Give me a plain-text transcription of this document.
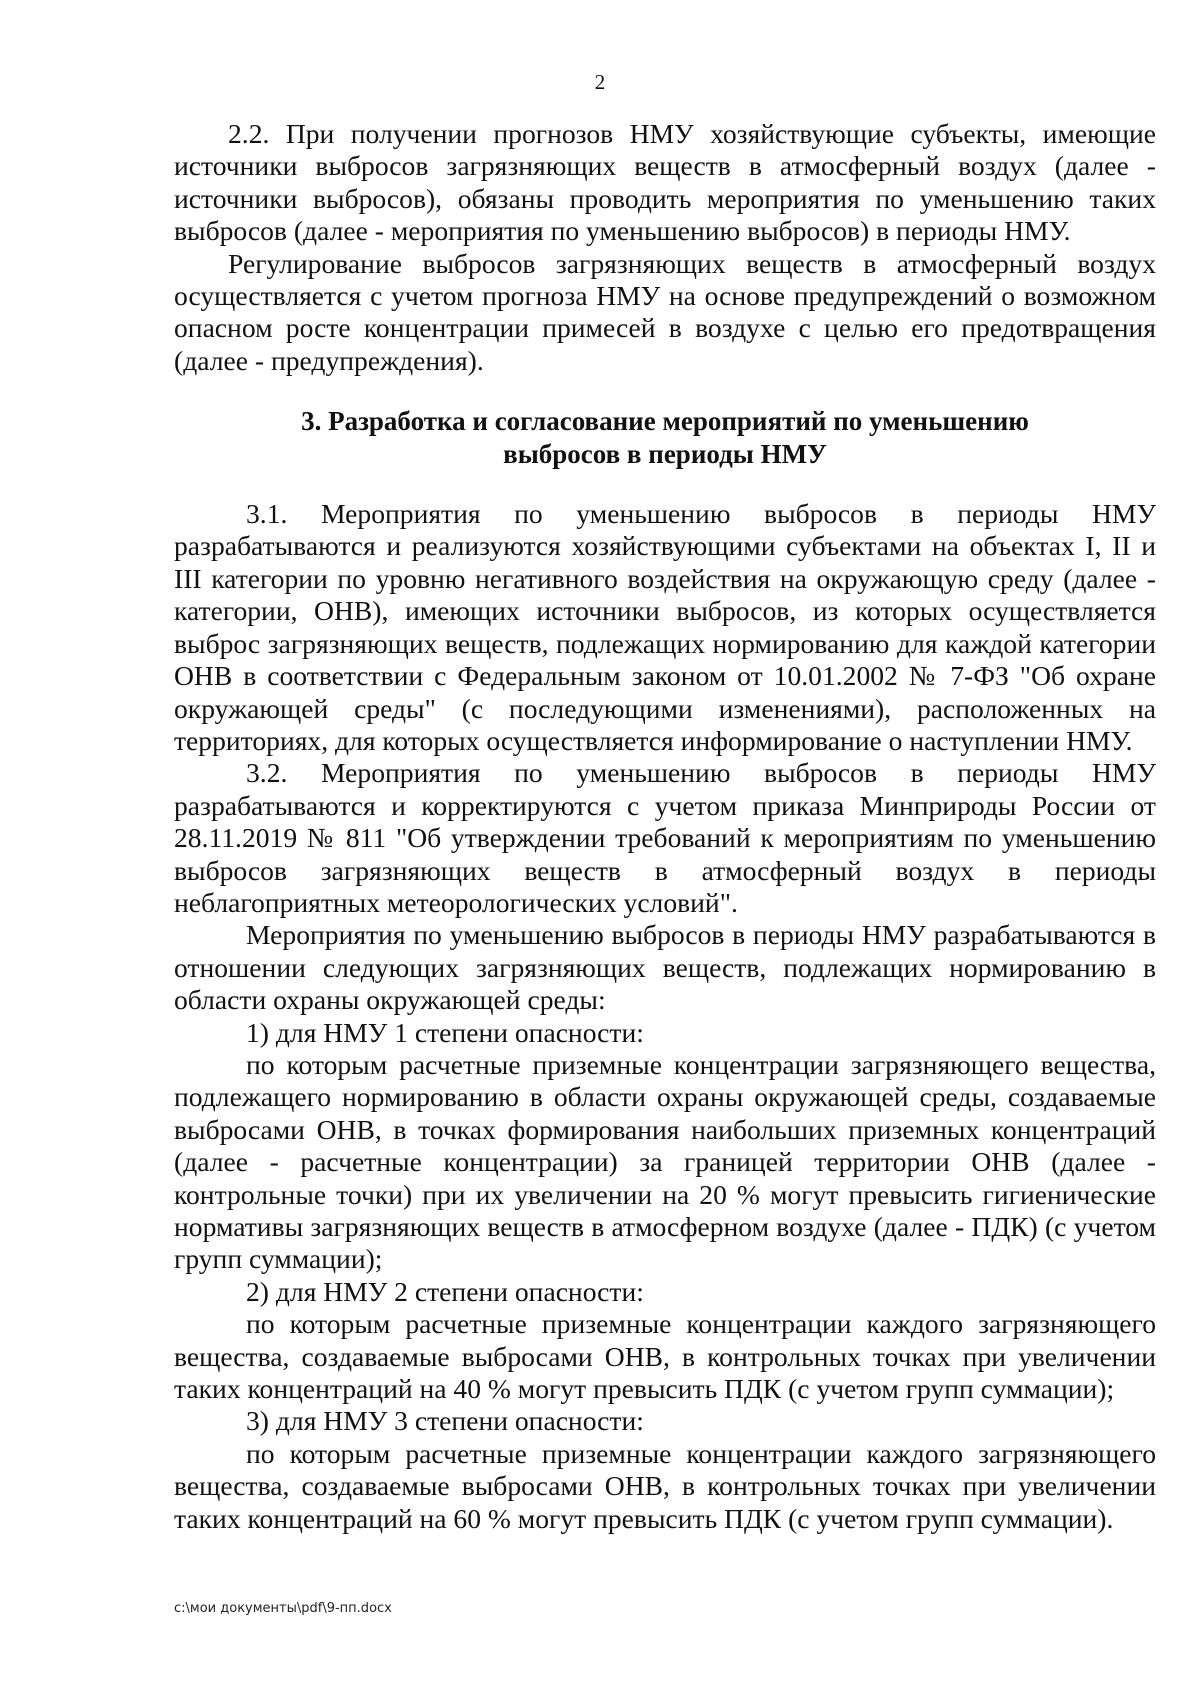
2

2.2. При получении прогнозов НМУ хозяйствующие субъекты, имеющие источники выбросов загрязняющих веществ в атмосферный воздух (далее - источники выбросов), обязаны проводить мероприятия по уменьшению таких выбросов (далее - мероприятия по уменьшению выбросов) в периоды НМУ.

Регулирование выбросов загрязняющих веществ в атмосферный воздух осуществляется с учетом прогноза НМУ на основе предупреждений о возможном опасном росте концентрации примесей в воздухе с целью его предотвращения (далее - предупреждения).

3. Разработка и согласование мероприятий по уменьшению
выбросов в периоды НМУ

3.1. Мероприятия по уменьшению выбросов в периоды НМУ разрабатываются и реализуются хозяйствующими субъектами на объектах I, II и III категории по уровню негативного воздействия на окружающую среду (далее - категории, ОНВ), имеющих источники выбросов, из которых осуществляется выброс загрязняющих веществ, подлежащих нормированию для каждой категории ОНВ в соответствии с Федеральным законом от 10.01.2002 № 7-ФЗ "Об охране окружающей среды" (с последующими изменениями), расположенных на территориях, для которых осуществляется информирование о наступлении НМУ.

3.2. Мероприятия по уменьшению выбросов в периоды НМУ разрабатываются и корректируются с учетом приказа Минприроды России от 28.11.2019 № 811 "Об утверждении требований к мероприятиям по уменьшению выбросов загрязняющих веществ в атмосферный воздух в периоды неблагоприятных метеорологических условий".

Мероприятия по уменьшению выбросов в периоды НМУ разрабатываются в отношении следующих загрязняющих веществ, подлежащих нормированию в области охраны окружающей среды:

1) для НМУ 1 степени опасности:

по которым расчетные приземные концентрации загрязняющего вещества, подлежащего нормированию в области охраны окружающей среды, создаваемые выбросами ОНВ, в точках формирования наибольших приземных концентраций (далее - расчетные концентрации) за границей территории ОНВ (далее - контрольные точки) при их увеличении на 20 % могут превысить гигиенические нормативы загрязняющих веществ в атмосферном воздухе (далее - ПДК) (с учетом групп суммации);

2) для НМУ 2 степени опасности:

по которым расчетные приземные концентрации каждого загрязняющего вещества, создаваемые выбросами ОНВ, в контрольных точках при увеличении таких концентраций на 40 % могут превысить ПДК (с учетом групп суммации);

3) для НМУ 3 степени опасности:

по которым расчетные приземные концентрации каждого загрязняющего вещества, создаваемые выбросами ОНВ, в контрольных точках при увеличении таких концентраций на 60 % могут превысить ПДК (с учетом групп суммации).

c:\мои документы\pdf\9-пп.docx
